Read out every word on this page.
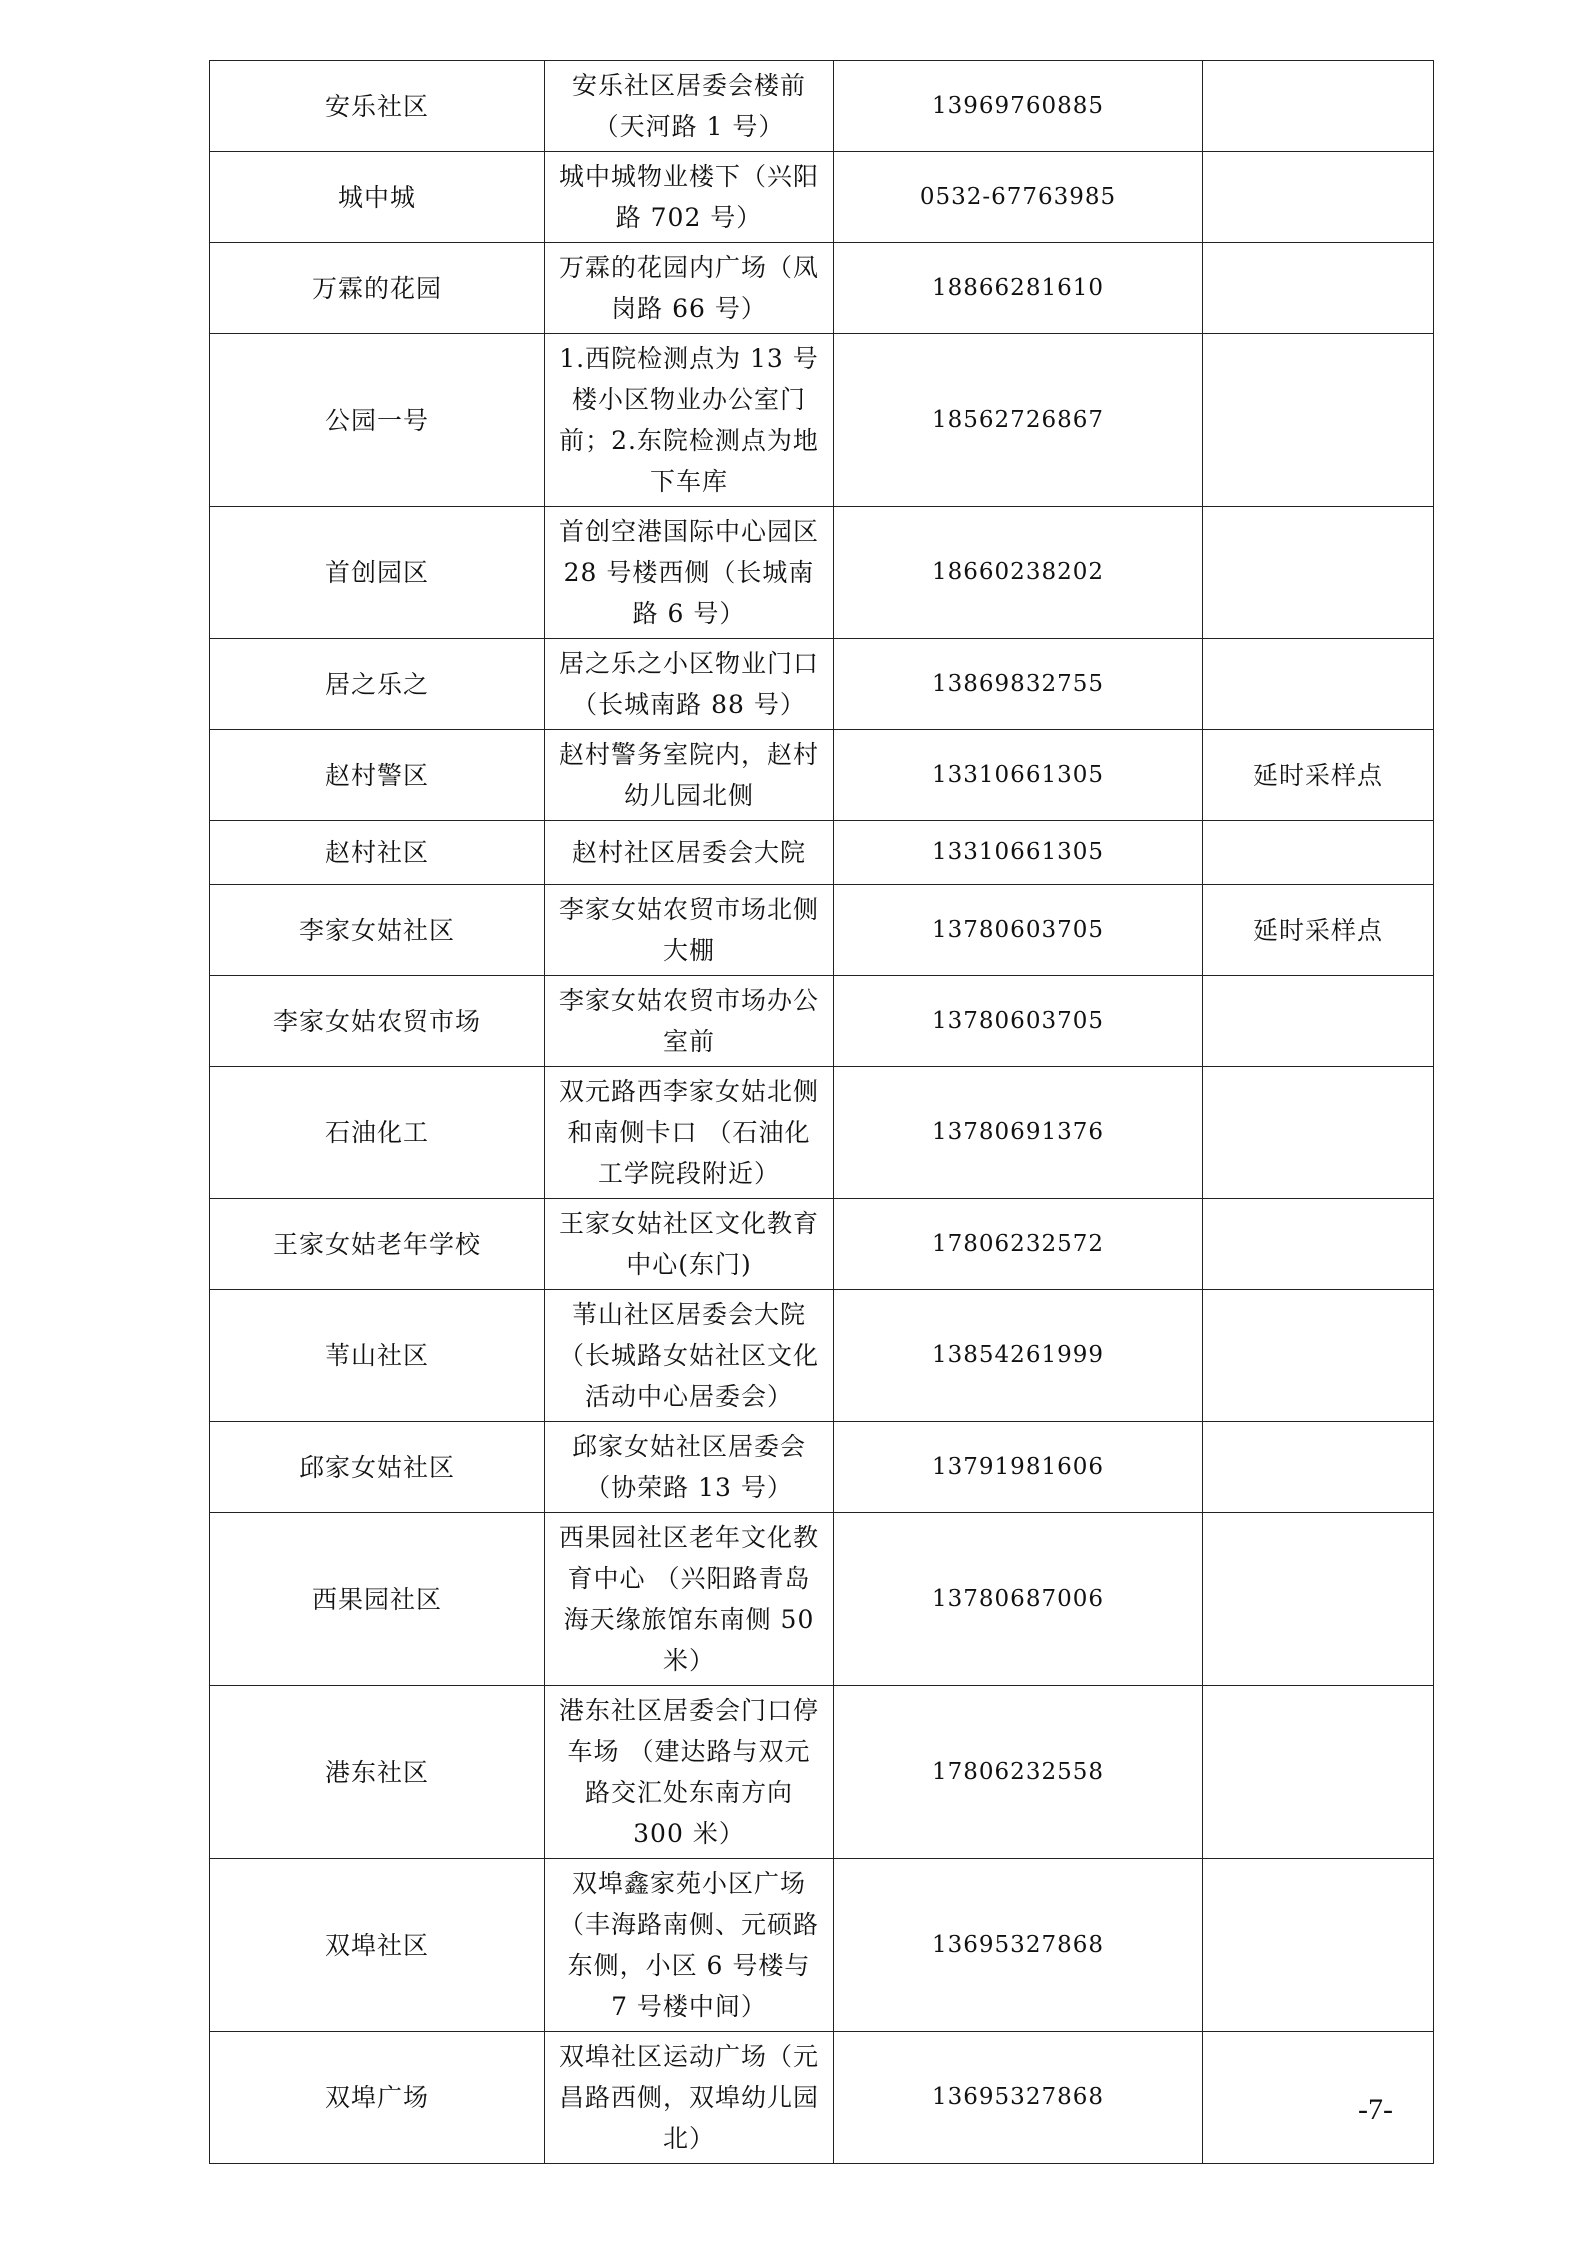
安乐社区	安乐社区居委会楼前（天河路 1 号）	13969760885	
城中城	城中城物业楼下（兴阳路 702 号）	0532-67763985	
万霖的花园	万霖的花园内广场（凤岗路 66 号）	18866281610	
公园一号	1.西院检测点为 13 号楼小区物业办公室门前；2.东院检测点为地下车库	18562726867	
首创园区	首创空港国际中心园区 28 号楼西侧（长城南路 6 号）	18660238202	
居之乐之	居之乐之小区物业门口（长城南路 88 号）	13869832755	
赵村警区	赵村警务室院内，赵村幼儿园北侧	13310661305	延时采样点
赵村社区	赵村社区居委会大院	13310661305	
李家女姑社区	李家女姑农贸市场北侧大棚	13780603705	延时采样点
李家女姑农贸市场	李家女姑农贸市场办公室前	13780603705	
石油化工	双元路西李家女姑北侧和南侧卡口 （石油化工学院段附近）	13780691376	
王家女姑老年学校	王家女姑社区文化教育中心(东门)	17806232572	
苇山社区	苇山社区居委会大院（长城路女姑社区文化活动中心居委会）	13854261999	
邱家女姑社区	邱家女姑社区居委会（协荣路 13 号）	13791981606	
西果园社区	西果园社区老年文化教育中心 （兴阳路青岛海天缘旅馆东南侧 50 米）	13780687006	
港东社区	港东社区居委会门口停车场 （建达路与双元路交汇处东南方向 300 米）	17806232558	
双埠社区	双埠鑫家苑小区广场（丰海路南侧、元硕路东侧，小区 6 号楼与 7 号楼中间）	13695327868	
双埠广场	双埠社区运动广场（元昌路西侧，双埠幼儿园北）	13695327868		-7-
